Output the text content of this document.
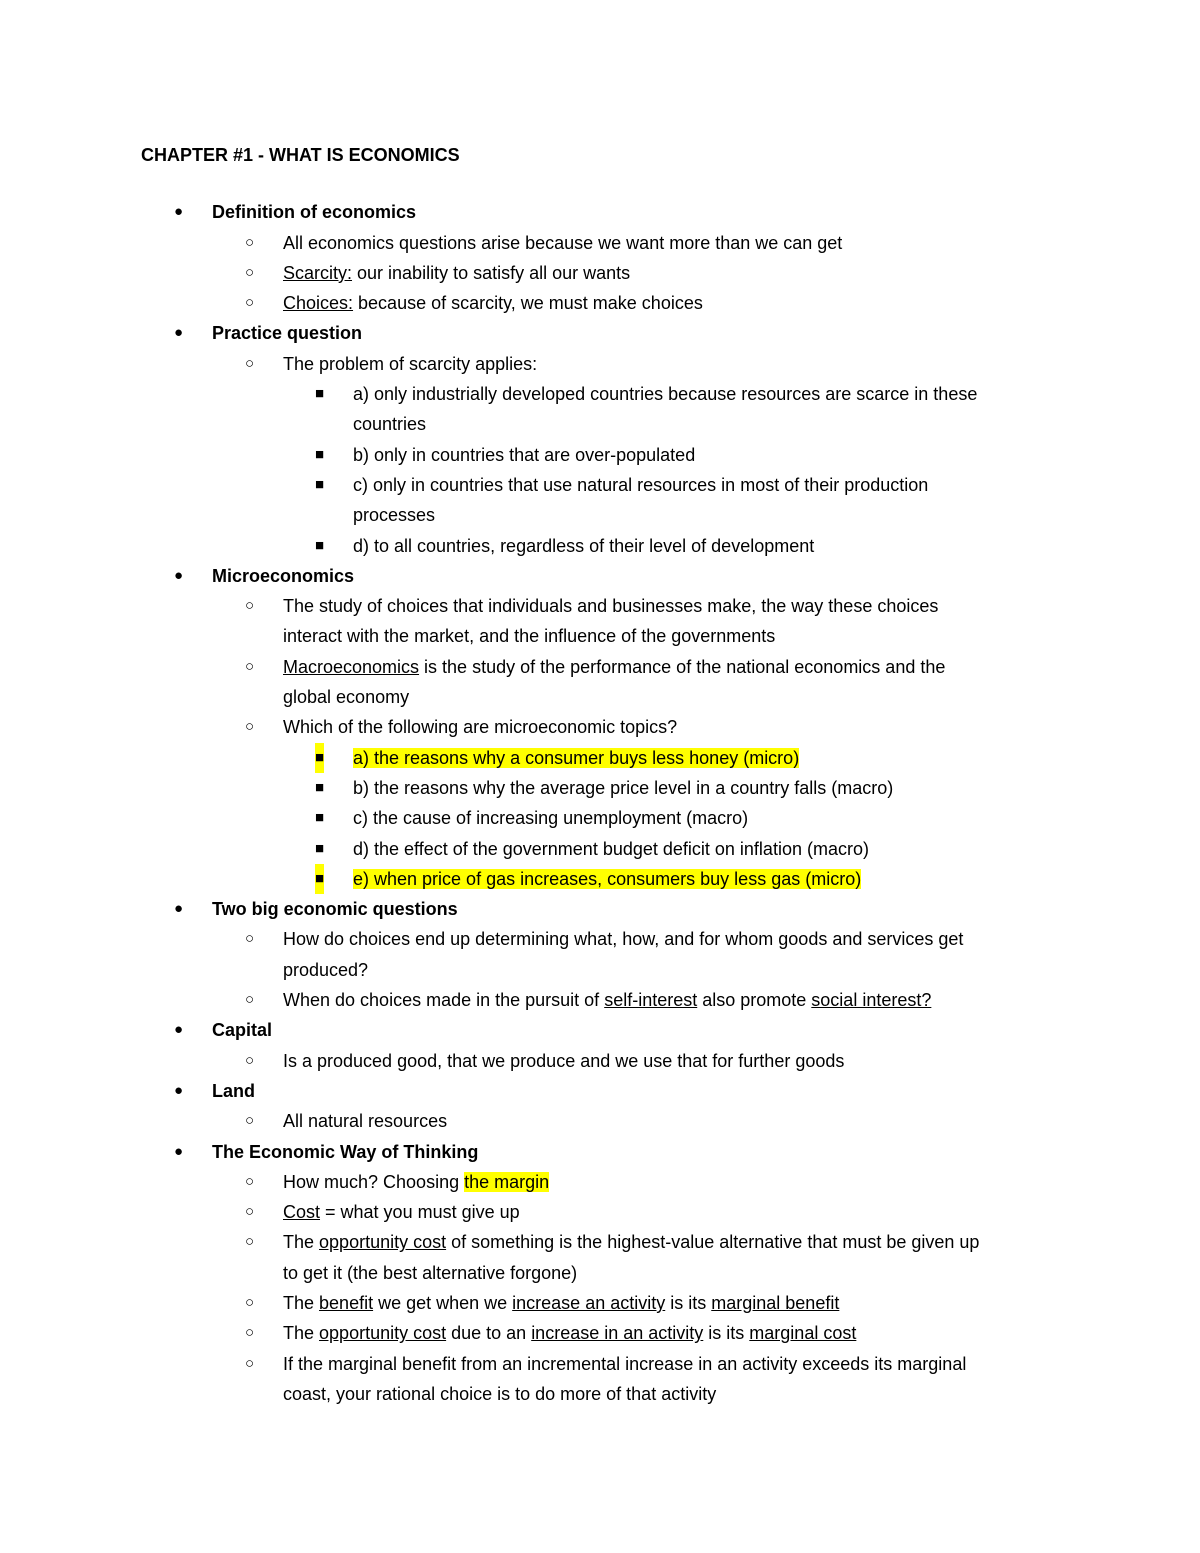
CHAPTER #1 - WHAT IS ECONOMICS
● Definition of economics
○ All economics questions arise because we want more than we can get
○ Scarcity: our inability to satisfy all our wants
○ Choices: because of scarcity, we must make choices
● Practice question
○ The problem of scarcity applies:
■ a) only industrially developed countries because resources are scarce in these
countries
■ b) only in countries that are over-populated
■ c) only in countries that use natural resources in most of their production
processes
■ d) to all countries, regardless of their level of development
● Microeconomics
○ The study of choices that individuals and businesses make, the way these choices
interact with the market, and the influence of the governments
○ Macroeconomics is the study of the performance of the national economics and the
global economy
○ Which of the following are microeconomic topics?
■ a) the reasons why a consumer buys less honey (micro)
■ b) the reasons why the average price level in a country falls (macro)
■ c) the cause of increasing unemployment (macro)
■ d) the effect of the government budget deficit on inflation (macro)
■ e) when price of gas increases, consumers buy less gas (micro)
● Two big economic questions
○ How do choices end up determining what, how, and for whom goods and services get
produced?
○ When do choices made in the pursuit of self-interest also promote social interest?
● Capital
○ Is a produced good, that we produce and we use that for further goods
● Land
○ All natural resources
● The Economic Way of Thinking
○ How much? Choosing the margin
○ Cost = what you must give up
○ The opportunity cost of something is the highest-value alternative that must be given up
to get it (the best alternative forgone)
○ The benefit we get when we increase an activity is its marginal benefit
○ The opportunity cost due to an increase in an activity is its marginal cost
○ If the marginal benefit from an incremental increase in an activity exceeds its marginal
coast, your rational choice is to do more of that activity
